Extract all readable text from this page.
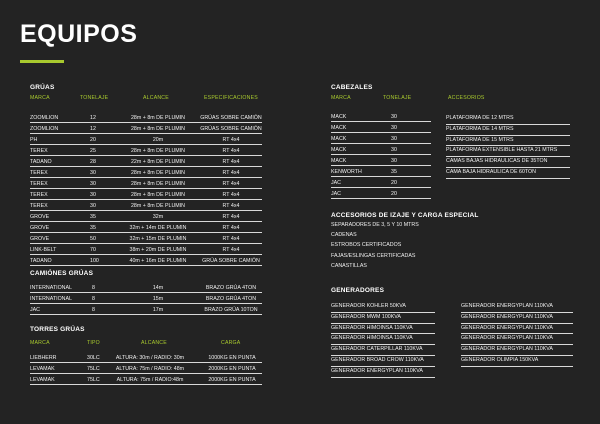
EQUIPOS
GRÚAS
MARCA	TONELAJE	ALCANCE	ESPECIFICACIONES
ZOOMLION	12	28m + 8m DE PLUMIN	GRÚAS SOBRE CAMIÓN
ZOOMLION	12	28m + 8m DE PLUMIN	GRÚAS SOBRE CAMIÓN
PH	20	20m	RT 4x4
TEREX	25	28m + 8m DE PLUMIN	RT 4x4
TADANO	28	22m + 8m DE PLUMIN	RT 4x4
TEREX	30	28m + 8m DE PLUMIN	RT 4x4
TEREX	30	28m + 8m DE PLUMIN	RT 4x4
TEREX	30	28m + 8m DE PLUMIN	RT 4x4
TEREX	30	28m + 8m DE PLUMIN	RT 4x4
GROVE	35	32m	RT 4x4
GROVE	35	32m + 14m DE PLUMIN	RT 4x4
GROVE	50	32m + 15m DE PLUMIN	RT 4x4
LINK-BELT	70	38m + 20m DE PLUMIN	RT 4x4
TADANO	100	40m + 16m DE PLUMIN	GRÚA SOBRE CAMIÓN
CAMIÓNES GRÚAS
INTERNATIONAL	8	14m	BRAZO GRÚA 4TON
INTERNATIONAL	8	15m	BRAZO GRÚA 4TON
JAC	8	17m	BRAZO GRÚA 10TON
TORRES GRÚAS
MARCA	TIPO	ALCANCE	CARGA
LIEBHERR	30LC	ALTURA: 30m / RADIO: 30m	1000KG EN PUNTA
LEVAMAK	75LC	ALTURA: 75m / RADIO: 48m	2000KG EN PUNTA
LEVAMAK	75LC	ALTURA: 75m / RADIO:48m	2000KG EN PUNTA
CABEZALES
MARCA	TONELAJE	ACCESORIOS
MACK	30
MACK	30
MACK	30
MACK	30
MACK	30
KENWORTH	35
JAC	20
JAC	20
PLATAFORMA DE 12 MTRS
PLATAFORMA DE 14 MTRS
PLATAFORMA DE 15 MTRS
PLATAFORMA EXTENSIBLE HASTA 21 MTRS
CAMAS BAJAS HIDRAULICAS DE 35TON
CAMA BAJA HIDRAULICA DE 60TON
ACCESORIOS DE IZAJE Y CARGA ESPECIAL
SEPARADORES DE 3, 5 Y 10 MTRS
CADENAS
ESTROBOS CERTIFICADOS
FAJAS/ESLINGAS CERTIFICADAS
CANASTILLAS
GENERADORES
GENERADOR KOHLER 50KVA
GENERADOR MWM 100KVA
GENERADOR HIMOINSA 110KVA
GENERADOR HIMOINSA 110KVA
GENERADOR CATERPILLAR 110KVA
GENERADOR BROAD CROW 110KVA
GENERADOR ENERGYPLAN 110KVA
GENERADOR ENERGYPLAN 110KVA
GENERADOR ENERGYPLAN 110KVA
GENERADOR ENERGYPLAN 110KVA
GENERADOR ENERGYPLAN 110KVA
GENERADOR ENERGYPLAN 110KVA
GENERADOR OLIMPIA 150KVA
